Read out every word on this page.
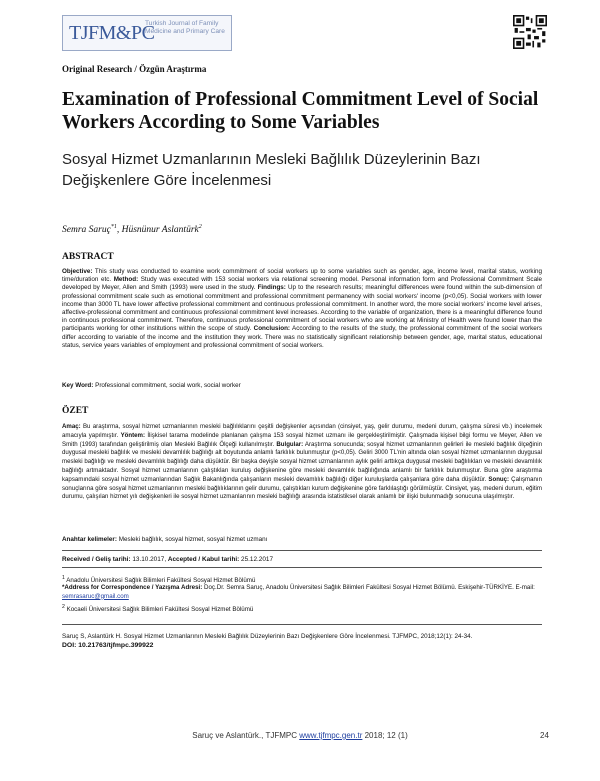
TJFM&PC
Turkish Journal of Family Medicine and Primary Care
Original Research / Özgün Araştırma
Examination of Professional Commitment Level of Social Workers According to Some Variables
Sosyal Hizmet Uzmanlarının Mesleki Bağlılık Düzeylerinin Bazı Değişkenlere Göre İncelenmesi
Semra Saruç$^{*1}$, Hüsnünur Aslantürk$^2$
ABSTRACT
Objective: This study was conducted to examine work commitment of social workers up to some variables such as gender, age, income level, marital status, working time/duration etc. Method: Study was executed with 153 social workers via relational screening model. Personal information form and Professional Commitment Scale developed by Meyer, Allen and Smith (1993) were used in the study. Findings: Up to the research results; meaningful differences were found within the sub-dimension of professional commitment scale such as emotional commitment and professional commitment permanency with social workers' income (p<0,05). Social workers with lower income than 3000 TL have lower affective professional commitment and continuous professional commitment. In another word, the more social workers' income level arises, affective-professional commitment and continuous professional commitment level increases. According to the variable of organization, there is a meaningful difference found in continuous professional commitment. Therefore, continuous professional commitment of social workers who are working at Ministry of Health were found lower than the participants working for other institutions within the scope of study. Conclusion: According to the results of the study, the professional commitment of the social workers differ according to variable of the income and the institution they work. There was no statistically significant relationship between gender, age, marital status, educational status, service years variables of employment and professional commitment of social workers.
Key Word: Professional commitment, social work, social worker
ÖZET
Amaç: Bu araştırma, sosyal hizmet uzmanlarının mesleki bağlılıklarını çeşitli değişkenler açısından (cinsiyet, yaş, gelir durumu, medeni durum, çalışma süresi vb.) incelemek amacıyla yapılmıştır. Yöntem: İlişkisel tarama modelinde planlanan çalışma 153 sosyal hizmet uzmanı ile gerçekleştirilmiştir. Çalışmada kişisel bilgi formu ve Meyer, Allen ve Smith (1993) tarafından geliştirilmiş olan Mesleki Bağlılık Ölçeği kullanılmıştır. Bulgular: Araştırma sonucunda; sosyal hizmet uzmanlarının gelirleri ile mesleki bağlılık ölçeğinin duygusal mesleki bağlılık ve mesleki devamlılık bağlılığı alt boyutunda anlamlı farklılık bulunmuştur (p<0,05). Geliri 3000 TL'nin altında olan sosyal hizmet uzmanlarının duygusal mesleki bağlılığı ve mesleki devamlılık bağlılığı daha düşüktür. Bir başka deyişle sosyal hizmet uzmanlarının aylık geliri arttıkça duygusal mesleki bağlılıkları ve mesleki devamlılık bağlılığı artmaktadır. Sosyal hizmet uzmanlarının çalıştıkları kuruluş değişkenine göre mesleki devamlılık bağlılığında anlamlı bir farklılık bulunmuştur. Buna göre araştırma kapsamındaki sosyal hizmet uzmanlarından Sağlık Bakanlığında çalışanların mesleki devamlılık bağlılığı diğer kuruluşlarda çalışanlara göre daha düşüktür. Sonuç: Çalışmanın sonuçlarına göre sosyal hizmet uzmanlarının mesleki bağlılıklarının gelir durumu, çalıştıkları kurum değişkenine göre farklılaştığı görülmüştür. Cinsiyet, yaş, medeni durum, eğitim durumu, çalışılan hizmet yılı değişkenleri ile sosyal hizmet uzmanlarının mesleki bağlılığı arasında istatistiksel olarak anlamlı bir ilişki bulunmadığı sonucuna ulaşılmıştır.
Anahtar kelimeler: Mesleki bağlılık, sosyal hizmet, sosyal hizmet uzmanı
Received / Geliş tarihi: 13.10.2017, Accepted / Kabul tarihi: 25.12.2017
$^1$ Anadolu Üniversitesi Sağlık Bilimleri Fakültesi Sosyal Hizmet Bölümü
*Address for Correspondence / Yazışma Adresi: Doç.Dr. Semra Saruç, Anadolu Üniversitesi Sağlık Bilimleri Fakültesi Sosyal Hizmet Bölümü. Eskişehir-TÜRKİYE. E-mail: semrasaruc@gmail.com
$^2$ Kocaeli Üniversitesi Sağlık Bilimleri Fakültesi Sosyal Hizmet Bölümü
Saruç S, Aslantürk H. Sosyal Hizmet Uzmanlarının Mesleki Bağlılık Düzeylerinin Bazı Değişkenlere Göre İncelenmesi. TJFMPC, 2018;12(1): 24-34.
DOI: 10.21763/tjfmpc.399922
Saruç ve Aslantürk., TJFMPC www.tjfmpc.gen.tr 2018; 12 (1)	24
